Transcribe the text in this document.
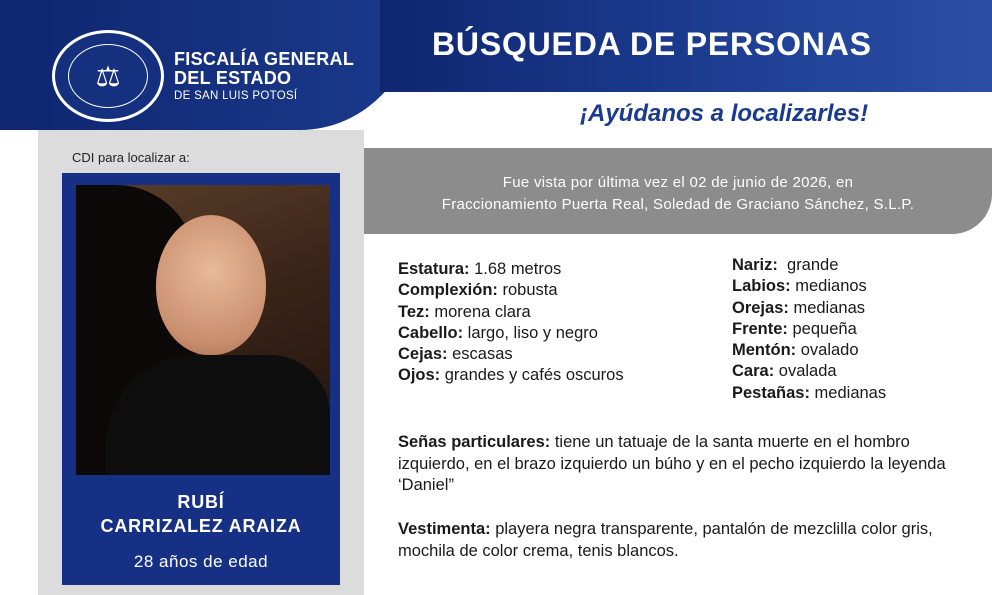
⚖
FISCALÍA GENERAL
DEL ESTADO
DE SAN LUIS POTOSÍ
BÚSQUEDA DE PERSONAS
¡Ayúdanos a localizarles!
CDI para localizar a:
RUBÍ
CARRIZALEZ ARAIZA
28 años de edad
Fue vista por última vez el 02 de junio de 2026, en
Fraccionamiento Puerta Real, Soledad de Graciano Sánchez, S.L.P.
Estatura: 1.68 metros
Complexión: robusta
Tez: morena clara
Cabello: largo, liso y negro
Cejas: escasas
Ojos: grandes y cafés oscuros
Nariz:  grande
Labios: medianos
Orejas: medianas
Frente: pequeña
Mentón: ovalado
Cara: ovalada
Pestañas: medianas
Señas particulares: tiene un tatuaje de la santa muerte en el hombro izquierdo, en el brazo izquierdo un búho y en el pecho izquierdo la leyenda ‘Daniel”
Vestimenta: playera negra transparente, pantalón de mezclilla color gris, mochila de color crema, tenis blancos.
